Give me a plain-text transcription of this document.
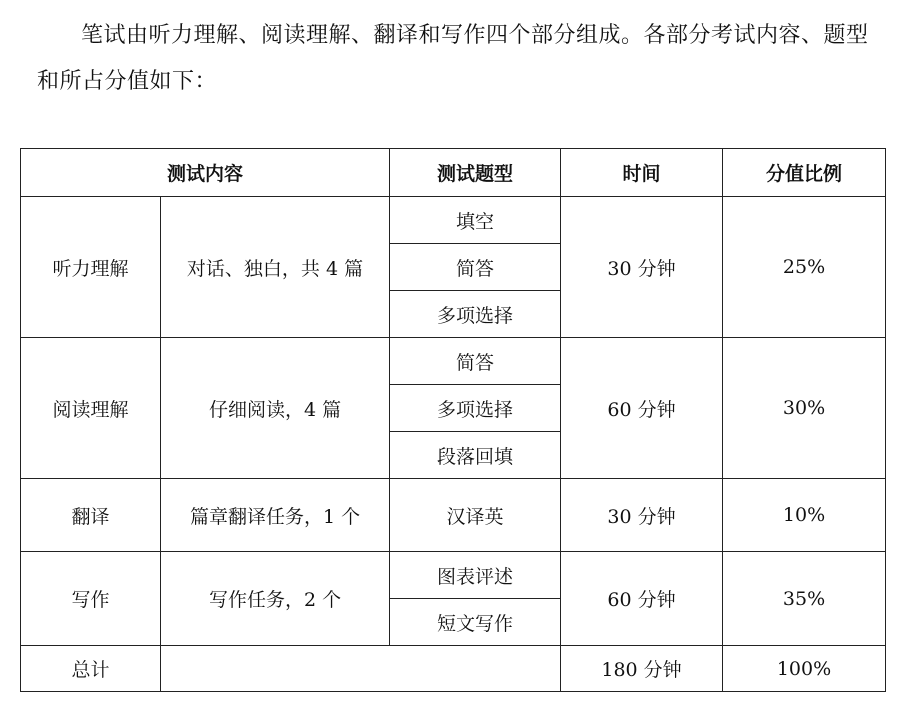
笔试由听力理解、阅读理解、翻译和写作四个部分组成。各部分考试内容、题型和所占分值如下：

测试内容		测试题型	时间	分值比例
听力理解	对话、独白，共 4 篇	填空	30 分钟	25%
		简答		
		多项选择		
阅读理解	仔细阅读，4 篇	简答	60 分钟	30%
		多项选择		
		段落回填		
翻译	篇章翻译任务，1 个	汉译英	30 分钟	10%
写作	写作任务，2 个	图表评述	60 分钟	35%
		短文写作		
总计			180 分钟	100%
